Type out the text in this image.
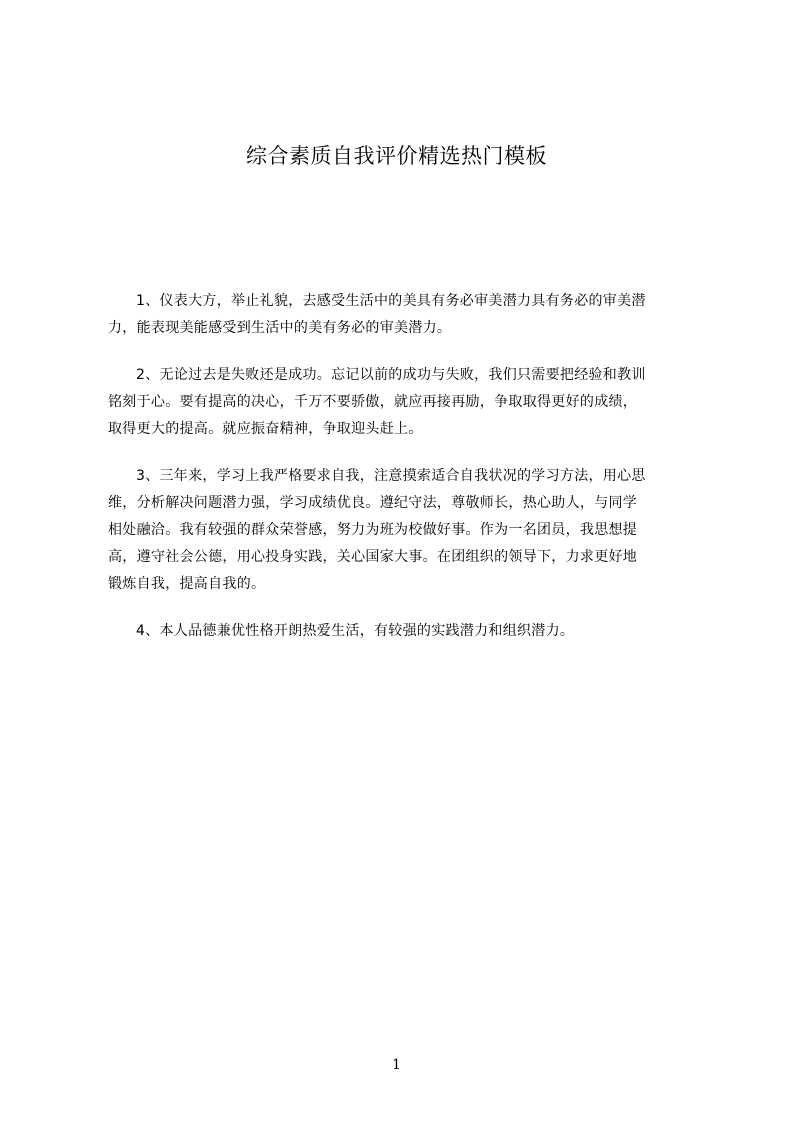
综合素质自我评价精选热门模板
1、仪表大方，举止礼貌，去感受生活中的美具有务必审美潜力具有务必的审美潜
力，能表现美能感受到生活中的美有务必的审美潜力。
2、无论过去是失败还是成功。忘记以前的成功与失败，我们只需要把经验和教训
铭刻于心。要有提高的决心，千万不要骄傲，就应再接再励，争取取得更好的成绩，
取得更大的提高。就应振奋精神，争取迎头赶上。
3、三年来，学习上我严格要求自我，注意摸索适合自我状况的学习方法，用心思
维，分析解决问题潜力强，学习成绩优良。遵纪守法，尊敬师长，热心助人，与同学
相处融洽。我有较强的群众荣誉感，努力为班为校做好事。作为一名团员，我思想提
高，遵守社会公德，用心投身实践，关心国家大事。在团组织的领导下，力求更好地
锻炼自我，提高自我的。
4、本人品德兼优性格开朗热爱生活，有较强的实践潜力和组织潜力。
1
